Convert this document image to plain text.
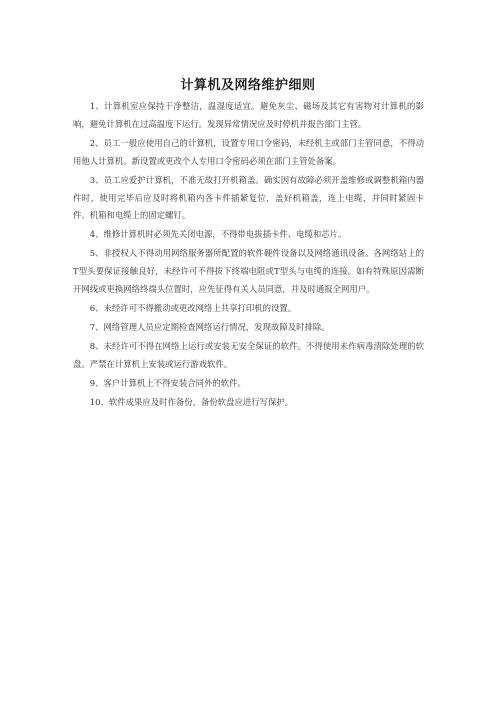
计算机及网络维护细则

1、计算机室应保持干净整洁，温湿度适宜。避免灰尘、磁场及其它有害物对计算机的影响，避免计算机在过高温度下运行。发现异常情况应及时停机并报告部门主管。

2、员工一般应使用自己的计算机，设置专用口令密码，未经机主或部门主管同意，不得动用他人计算机。新设置或更改个人专用口令密码必须在部门主管处备案。

3、员工应爱护计算机，不准无故打开机箱盖。确实因有故障必须开盖维修或调整机箱内器件时，使用完毕后应及时将机箱内各卡件插紧复位，盖好机箱盖，连上电缆，并同时紧固卡件、机箱和电缆上的固定螺钉。

4、维修计算机时必须先关闭电源，不得带电拔插卡件、电缆和芯片。

5、非授权人不得动用网络服务器所配置的软件硬件设备以及网络通讯设备。各网络站上的T型头要保证接触良好，未经许可不得拔下终端电阻或T型头与电缆的连接。如有特殊原因需断开网线或更换网络终端头位置时，应先征得有关人员同意，并及时通报全网用户。

6、未经许可不得搬动或更改网络上共享打印机的设置。

7、网络管理人员应定期检查网络运行情况，发现故障及时排除。

8、未经许可不得在网络上运行或安装无安全保证的软件。不得使用未作病毒清除处理的软盘。严禁在计算机上安装或运行游戏软件。

9、客户计算机上不得安装合同外的软件。

10、软件成果应及时作备份，备份软盘应进行写保护。
